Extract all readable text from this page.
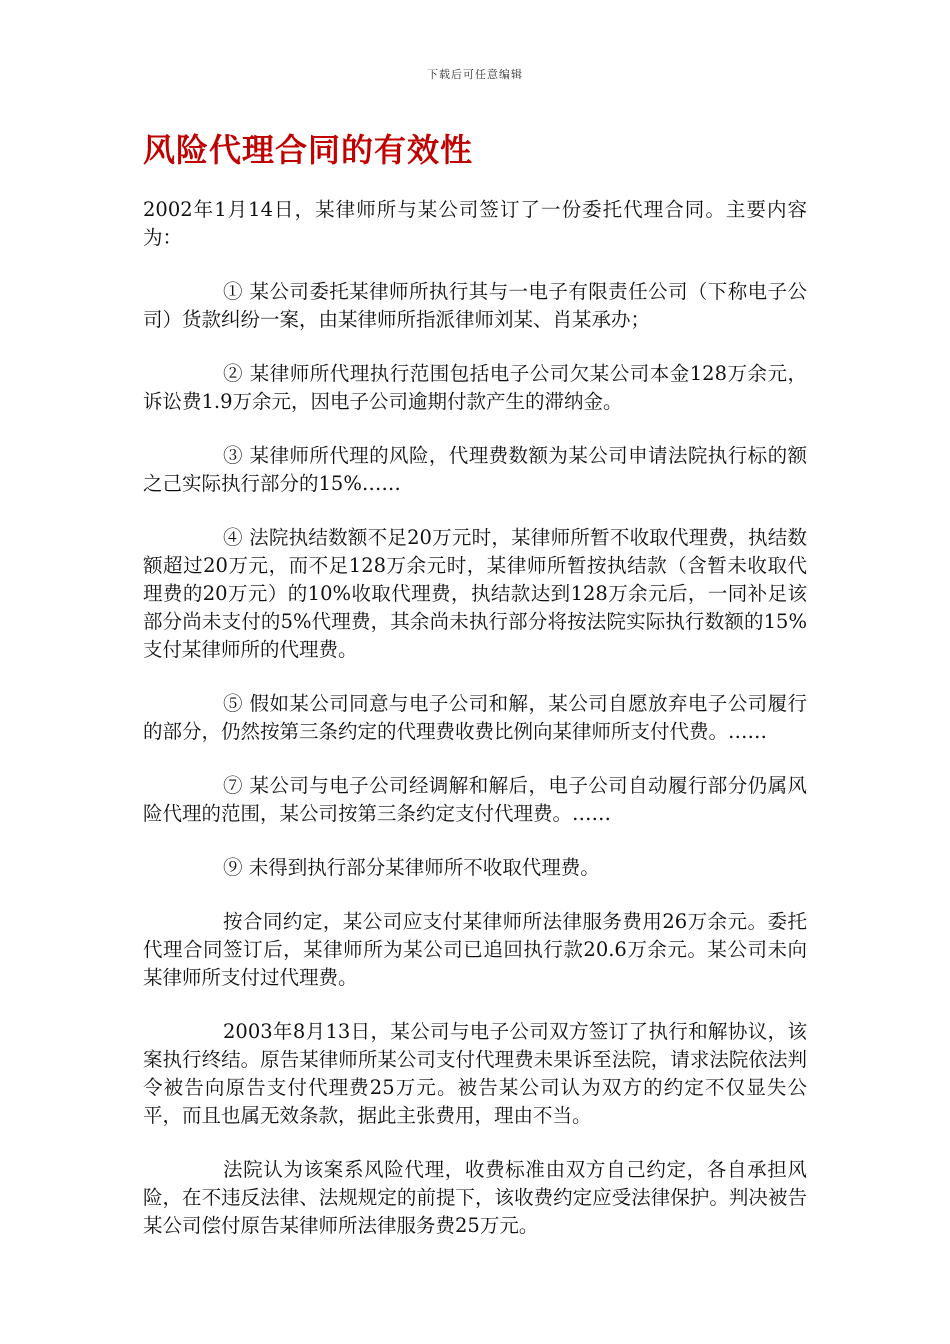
下载后可任意编辑
风险代理合同的有效性

2002年1月14日，某律师所与某公司签订了一份委托代理合同。主要内容为：

① 某公司委托某律师所执行其与一电子有限责任公司（下称电子公司）货款纠纷一案，由某律师所指派律师刘某、肖某承办；

② 某律师所代理执行范围包括电子公司欠某公司本金128万余元，诉讼费1.9万余元，因电子公司逾期付款产生的滞纳金。

③ 某律师所代理的风险，代理费数额为某公司申请法院执行标的额之己实际执行部分的15%……

④ 法院执结数额不足20万元时，某律师所暂不收取代理费，执结数额超过20万元，而不足128万余元时，某律师所暂按执结款（含暂未收取代理费的20万元）的10%收取代理费，执结款达到128万余元后，一同补足该部分尚未支付的5%代理费，其余尚未执行部分将按法院实际执行数额的15%支付某律师所的代理费。

⑤ 假如某公司同意与电子公司和解，某公司自愿放弃电子公司履行的部分，仍然按第三条约定的代理费收费比例向某律师所支付代费。……

⑦ 某公司与电子公司经调解和解后，电子公司自动履行部分仍属风险代理的范围，某公司按第三条约定支付代理费。……

⑨ 未得到执行部分某律师所不收取代理费。

按合同约定，某公司应支付某律师所法律服务费用26万余元。委托代理合同签订后，某律师所为某公司已追回执行款20.6万余元。某公司未向某律师所支付过代理费。

2003年8月13日，某公司与电子公司双方签订了执行和解协议，该案执行终结。原告某律师所某公司支付代理费未果诉至法院，请求法院依法判令被告向原告支付代理费25万元。被告某公司认为双方的约定不仅显失公平，而且也属无效条款，据此主张费用，理由不当。

法院认为该案系风险代理，收费标准由双方自己约定，各自承担风险，在不违反法律、法规规定的前提下，该收费约定应受法律保护。判决被告某公司偿付原告某律师所法律服务费25万元。
